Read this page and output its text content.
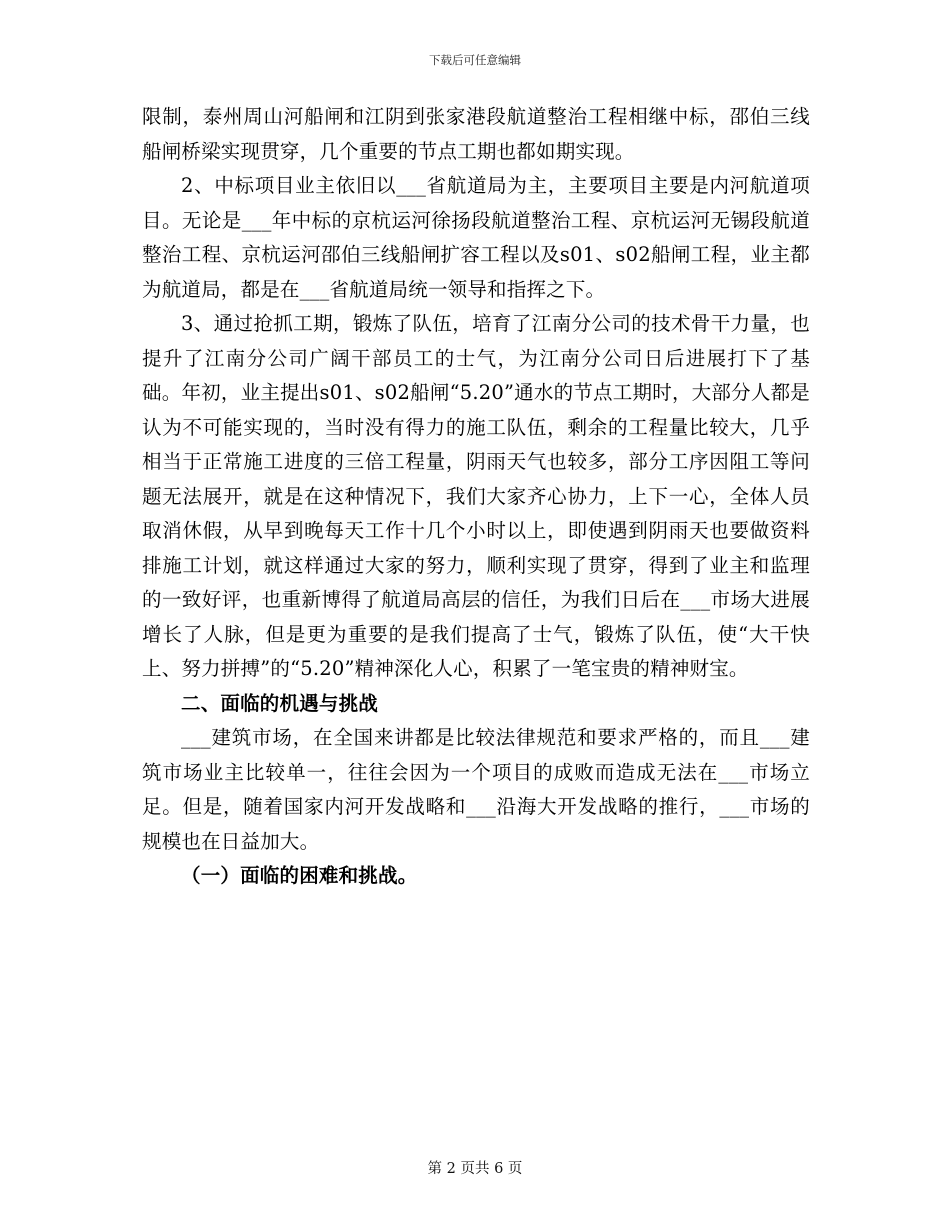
下载后可任意编辑

限制，泰州周山河船闸和江阴到张家港段航道整治工程相继中标，邵伯三线船闸桥梁实现贯穿，几个重要的节点工期也都如期实现。

2、中标项目业主依旧以___省航道局为主，主要项目主要是内河航道项目。无论是___年中标的京杭运河徐扬段航道整治工程、京杭运河无锡段航道整治工程、京杭运河邵伯三线船闸扩容工程以及s01、s02船闸工程，业主都为航道局，都是在___省航道局统一领导和指挥之下。

3、通过抢抓工期，锻炼了队伍，培育了江南分公司的技术骨干力量，也提升了江南分公司广阔干部员工的士气，为江南分公司日后进展打下了基础。年初，业主提出s01、s02船闸“5.20”通水的节点工期时，大部分人都是认为不可能实现的，当时没有得力的施工队伍，剩余的工程量比较大，几乎相当于正常施工进度的三倍工程量，阴雨天气也较多，部分工序因阻工等问题无法展开，就是在这种情况下，我们大家齐心协力，上下一心，全体人员取消休假，从早到晚每天工作十几个小时以上，即使遇到阴雨天也要做资料排施工计划，就这样通过大家的努力，顺利实现了贯穿，得到了业主和监理的一致好评，也重新博得了航道局高层的信任，为我们日后在___市场大进展增长了人脉，但是更为重要的是我们提高了士气，锻炼了队伍，使“大干快上、努力拼搏”的“5.20”精神深化人心，积累了一笔宝贵的精神财宝。

二、面临的机遇与挑战

___建筑市场，在全国来讲都是比较法律规范和要求严格的，而且___建筑市场业主比较单一，往往会因为一个项目的成败而造成无法在___市场立足。但是，随着国家内河开发战略和___沿海大开发战略的推行，___市场的规模也在日益加大。

（一）面临的困难和挑战。

第 2 页共 6 页
